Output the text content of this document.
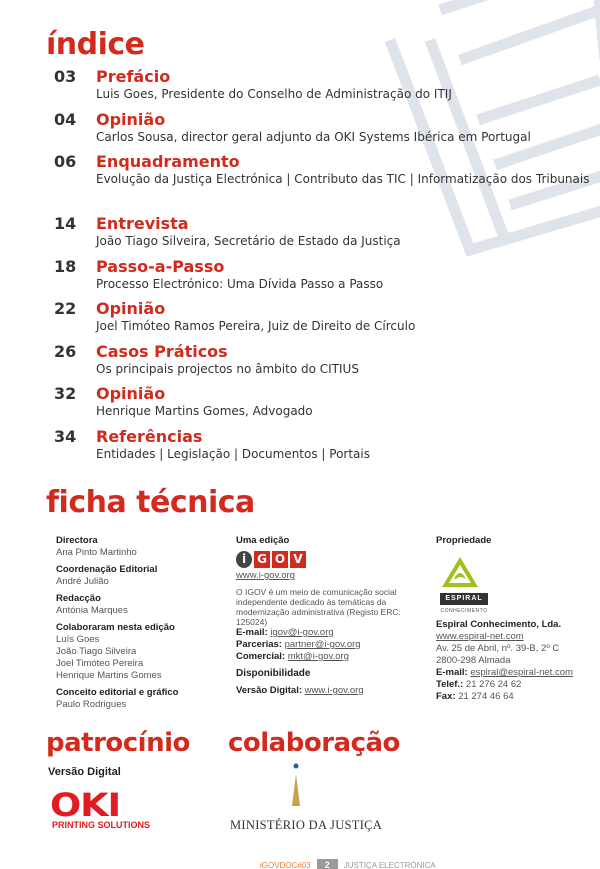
índice
03 Prefácio
Luis Goes, Presidente do Conselho de Administração do ITIJ
04 Opinião
Carlos Sousa, director geral adjunto da OKI Systems Ibérica em Portugal
06 Enquadramento
Evolução da Justiça Electrónica | Contributo das TIC | Informatização dos Tribunais
14 Entrevista
João Tiago Silveira, Secretário de Estado da Justiça
18 Passo-a-Passo
Processo Electrónico: Uma Dívida Passo a Passo
22 Opinião
Joel Timóteo Ramos Pereira, Juiz de Direito de Círculo
26 Casos Práticos
Os principais projectos no âmbito do CITIUS
32 Opinião
Henrique Martins Gomes, Advogado
34 Referências
Entidades | Legislação | Documentos | Portais
ficha técnica
Directora
Ana Pinto Martinho
Coordenação Editorial
André Julião
Redacção
Antónia Marques
Colaboraram nesta edição
Luís Goes
João Tiago Silveira
Joel Timóteo Pereira
Henrique Martins Gomes
Conceito editorial e gráfico
Paulo Rodrigues
Uma edição
i G O V
www.i-gov.org
O IGOV é um meio de comunicação social independente dedicado às temáticas da modernização administrativa (Registo ERC: 125024)
E-mail: igov@i-gov.org
Parcerias: partner@i-gov.org
Comercial: mkt@i-gov.org
Disponibilidade
Versão Digital: www.i-gov.org
Propriedade
ESPIRAL
CONHECIMENTO
Espiral Conhecimento, Lda.
www.espiral-net.com
Av. 25 de Abril, nº. 39-B, 2º C
2800-298 Almada
E-mail: espiral@espiral-net.com
Telef.: 21 276 24 62
Fax: 21 274 46 64
patrocínio
Versão Digital
OKI
PRINTING SOLUTIONS
colaboração
MINISTÉRIO DA JUSTIÇA
iGOVDOC#03	2	JUSTIÇA ELECTRÓNICA
